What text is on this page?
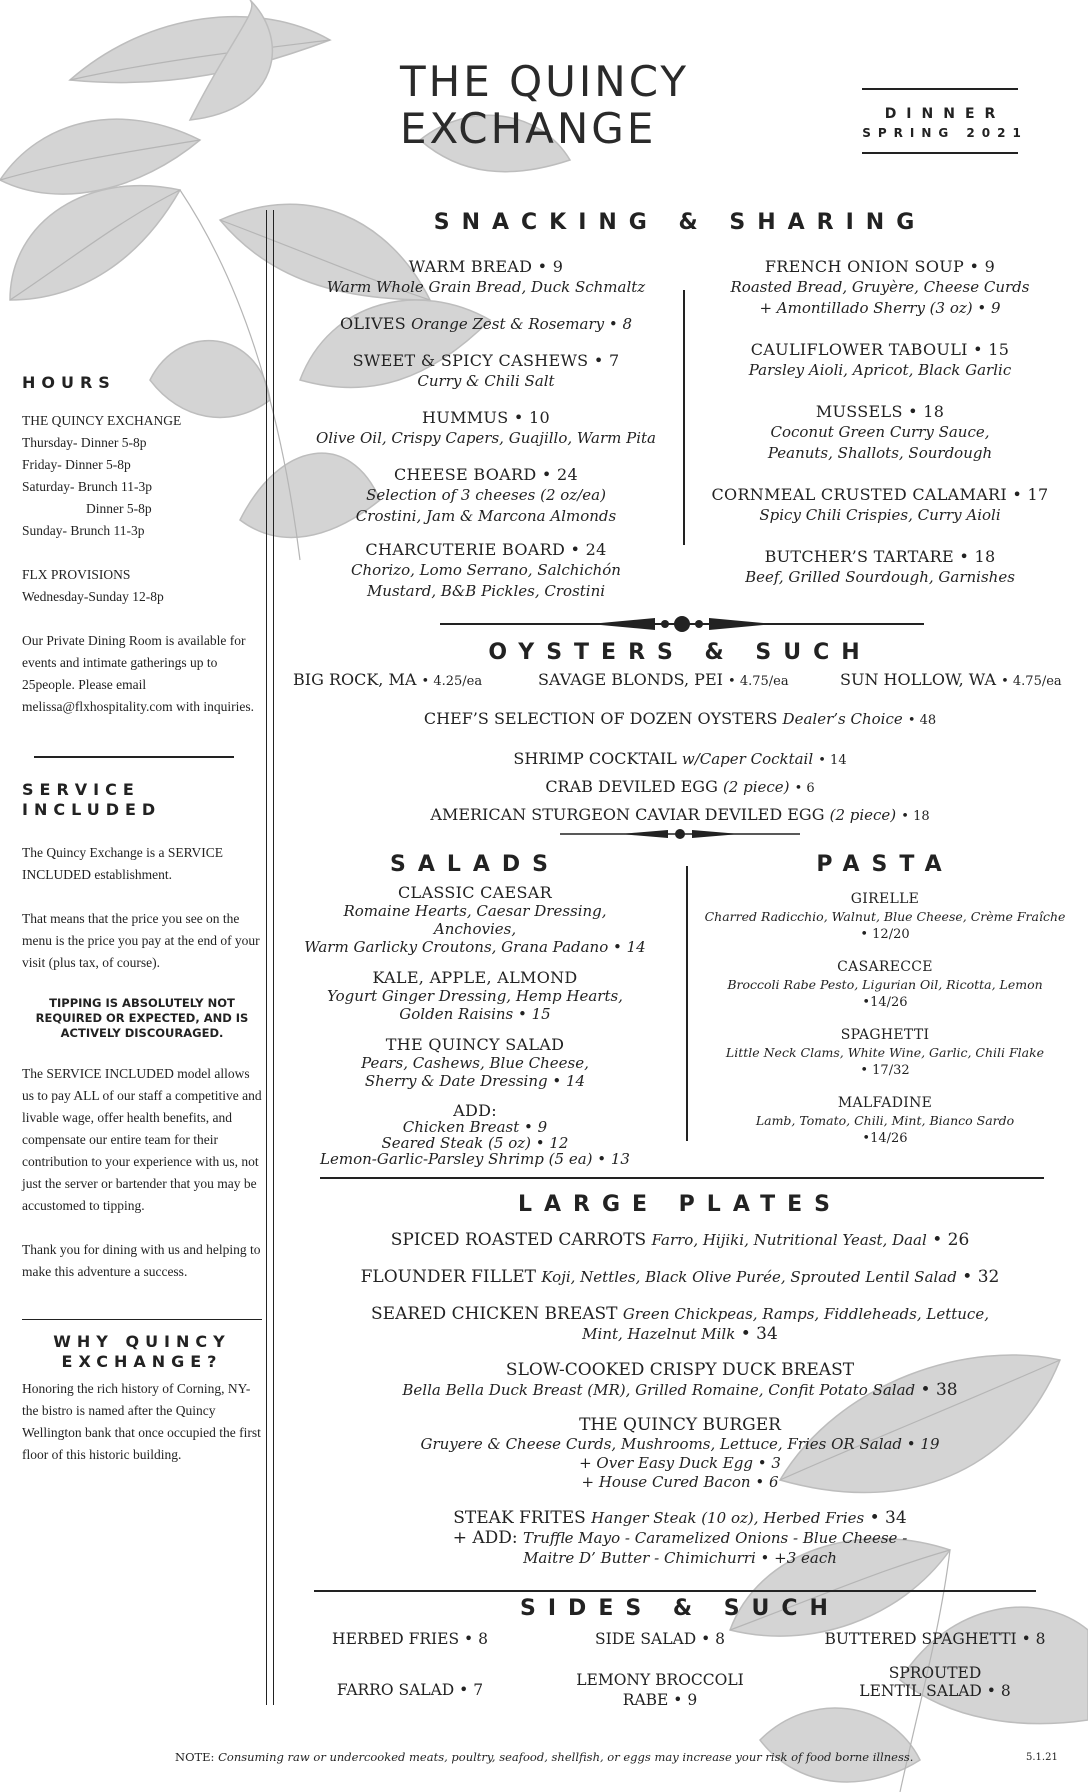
THE QUINCY
EXCHANGE	DINNER
SPRING 2021
HOURS
THE QUINCY EXCHANGE
Thursday- Dinner 5-8p
Friday- Dinner 5-8p
Saturday- Brunch 11-3p
Dinner 5-8p
Sunday- Brunch 11-3p
FLX PROVISIONS
Wednesday-Sunday 12-8p
Our Private Dining Room is available for events and intimate gatherings up to 25people. Please email melissa@flxhospitality.com with inquiries.
SERVICE
INCLUDED
The Quincy Exchange is a SERVICE INCLUDED establishment.
That means that the price you see on the menu is the price you pay at the end of your visit (plus tax, of course).
TIPPING IS ABSOLUTELY NOT REQUIRED OR EXPECTED, AND IS ACTIVELY DISCOURAGED.
The SERVICE INCLUDED model allows us to pay ALL of our staff a competitive and livable wage, offer health benefits, and compensate our entire team for their contribution to your experience with us, not just the server or bartender that you may be accustomed to tipping.
Thank you for dining with us and helping to make this adventure a success.
WHY QUINCY
EXCHANGE?
Honoring the rich history of Corning, NY- the bistro is named after the Quincy Wellington bank that once occupied the first floor of this historic building.
SNACKING & SHARING
WARM BREAD • 9
Warm Whole Grain Bread, Duck Schmaltz
OLIVES Orange Zest & Rosemary • 8
SWEET & SPICY CASHEWS • 7
Curry & Chili Salt
HUMMUS • 10
Olive Oil, Crispy Capers, Guajillo, Warm Pita
CHEESE BOARD • 24
Selection of 3 cheeses (2 oz/ea)
Crostini, Jam & Marcona Almonds
CHARCUTERIE BOARD • 24
Chorizo, Lomo Serrano, Salchichón
Mustard, B&B Pickles, Crostini
FRENCH ONION SOUP • 9
Roasted Bread, Gruyère, Cheese Curds
+ Amontillado Sherry (3 oz) • 9
CAULIFLOWER TABOULI • 15
Parsley Aioli, Apricot, Black Garlic
MUSSELS • 18
Coconut Green Curry Sauce,
Peanuts, Shallots, Sourdough
CORNMEAL CRUSTED CALAMARI • 17
Spicy Chili Crispies, Curry Aioli
BUTCHER’S TARTARE • 18
Beef, Grilled Sourdough, Garnishes
OYSTERS & SUCH
BIG ROCK, MA • 4.25/ea	SAVAGE BLONDS, PEI • 4.75/ea	SUN HOLLOW, WA • 4.75/ea
CHEF’S SELECTION OF DOZEN OYSTERS Dealer’s Choice • 48
SHRIMP COCKTAIL w/Caper Cocktail • 14
CRAB DEVILED EGG (2 piece) • 6
AMERICAN STURGEON CAVIAR DEVILED EGG (2 piece) • 18
SALADS
CLASSIC CAESAR
Romaine Hearts, Caesar Dressing, Anchovies,
Warm Garlicky Croutons, Grana Padano • 14
KALE, APPLE, ALMOND
Yogurt Ginger Dressing, Hemp Hearts,
Golden Raisins • 15
THE QUINCY SALAD
Pears, Cashews, Blue Cheese,
Sherry & Date Dressing • 14
ADD:
Chicken Breast • 9
Seared Steak (5 oz) • 12
Lemon-Garlic-Parsley Shrimp (5 ea) • 13
PASTA
GIRELLE
Charred Radicchio, Walnut, Blue Cheese, Crème Fraîche
• 12/20
CASARECCE
Broccoli Rabe Pesto, Ligurian Oil, Ricotta, Lemon
•14/26
SPAGHETTI
Little Neck Clams, White Wine, Garlic, Chili Flake
• 17/32
MALFADINE
Lamb, Tomato, Chili, Mint, Bianco Sardo
•14/26
LARGE PLATES
SPICED ROASTED CARROTS Farro, Hijiki, Nutritional Yeast, Daal • 26
FLOUNDER FILLET Koji, Nettles, Black Olive Purée, Sprouted Lentil Salad • 32
SEARED CHICKEN BREAST Green Chickpeas, Ramps, Fiddleheads, Lettuce,
Mint, Hazelnut Milk • 34
SLOW-COOKED CRISPY DUCK BREAST
Bella Bella Duck Breast (MR), Grilled Romaine, Confit Potato Salad • 38
THE QUINCY BURGER
Gruyere & Cheese Curds, Mushrooms, Lettuce, Fries OR Salad • 19
+ Over Easy Duck Egg • 3
+ House Cured Bacon • 6
STEAK FRITES Hanger Steak (10 oz), Herbed Fries • 34
+ ADD: Truffle Mayo - Caramelized Onions - Blue Cheese -
Maitre D’ Butter - Chimichurri • +3 each
SIDES & SUCH
HERBED FRIES • 8	SIDE SALAD • 8	BUTTERED SPAGHETTI • 8
FARRO SALAD • 7
LEMONY BROCCOLI
RABE • 9
SPROUTED
LENTIL SALAD • 8
NOTE: Consuming raw or undercooked meats, poultry, seafood, shellfish, or eggs may increase your risk of food borne illness.	5.1.21
